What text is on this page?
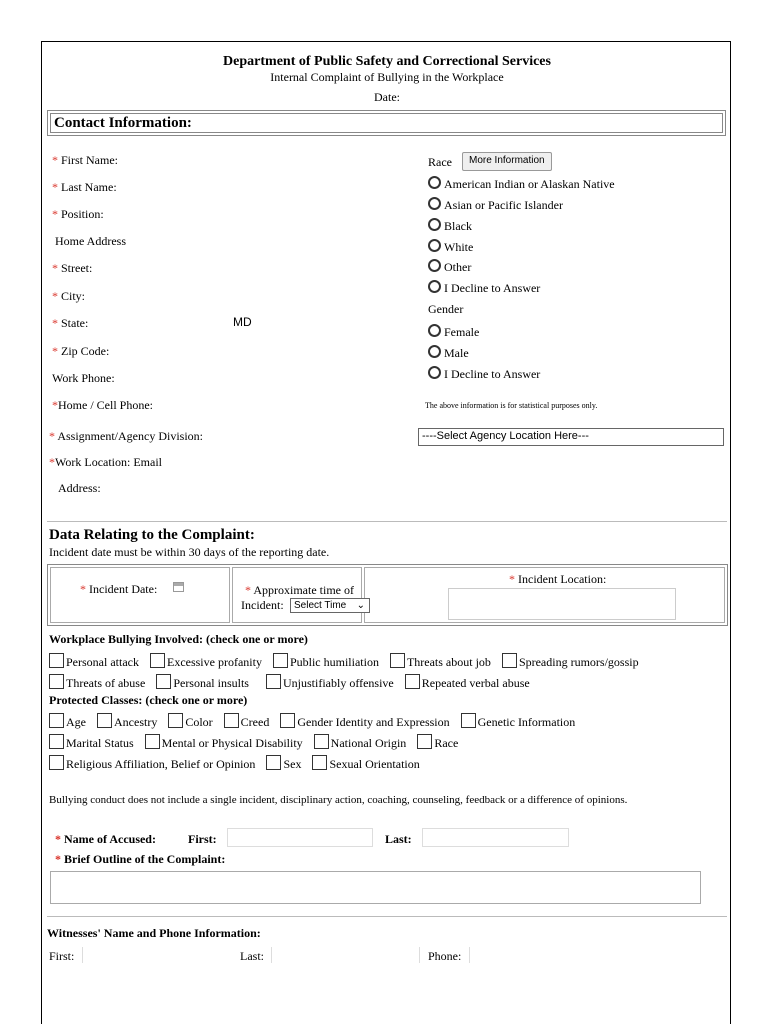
Department of Public Safety and Correctional Services
Internal Complaint of Bullying in the Workplace
Date:
Contact Information:
* First Name:
* Last Name:
* Position:
Home Address
* Street:
* City:
* State:	MD
* Zip Code:
Work Phone:
*Home / Cell Phone:
* Assignment/Agency Division:
*Work Location: Email
Address:
Race	More Information
American Indian or Alaskan Native
Asian or Pacific Islander
Black
White
Other
I Decline to Answer
Gender
Female
Male
I Decline to Answer
The above information is for statistical purposes only.
----Select Agency Location Here---
Data Relating to the Complaint:
Incident date must be within 30 days of the reporting date.
* Incident Date:	* Approximate time of
Incident:	Select Time ⌄
* Incident Location:
Workplace Bullying Involved: (check one or more)
Personal attack Excessive profanity Public humiliation Threats about job Spreading rumors/gossip
Threats of abuse Personal insults	Unjustifiably offensive Repeated verbal abuse
Protected Classes: (check one or more)
Age Ancestry Color Creed Gender Identity and Expression Genetic Information
Marital Status Mental or Physical Disability National Origin Race
Religious Affiliation, Belief or Opinion Sex Sexual Orientation
Bullying conduct does not include a single incident, disciplinary action, coaching, counseling, feedback or a difference of opinions.
* Name of Accused:	First:	Last:
* Brief Outline of the Complaint:
Witnesses' Name and Phone Information:
First:	Last:	Phone:
